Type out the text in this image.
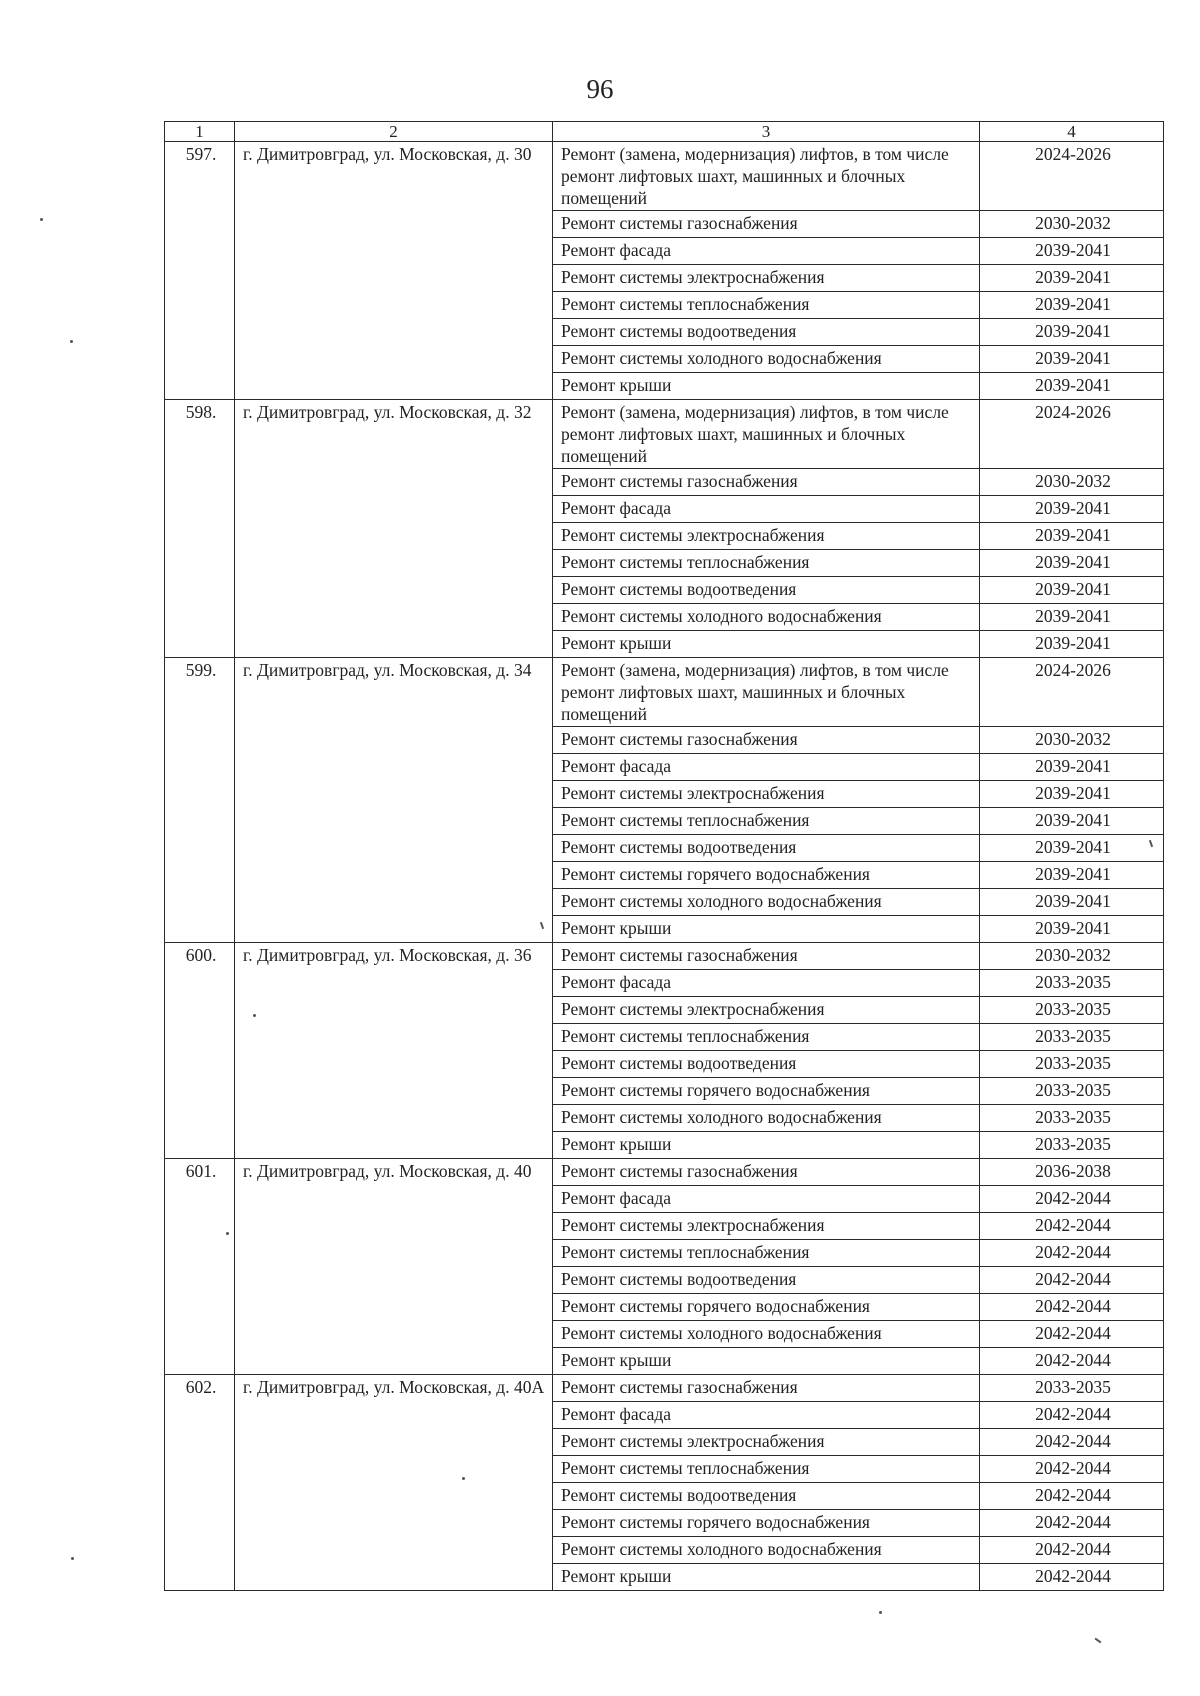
96
1	2	3	4
597.	г. Димитровград, ул. Московская, д. 30	Ремонт (замена, модернизация) лифтов, в том числе ремонт лифтовых шахт, машинных и блочных помещений	2024-2026
		Ремонт системы газоснабжения	2030-2032
		Ремонт фасада	2039-2041
		Ремонт системы электроснабжения	2039-2041
		Ремонт системы теплоснабжения	2039-2041
		Ремонт системы водоотведения	2039-2041
		Ремонт системы холодного водоснабжения	2039-2041
		Ремонт крыши	2039-2041
598.	г. Димитровград, ул. Московская, д. 32	Ремонт (замена, модернизация) лифтов, в том числе ремонт лифтовых шахт, машинных и блочных помещений	2024-2026
		Ремонт системы газоснабжения	2030-2032
		Ремонт фасада	2039-2041
		Ремонт системы электроснабжения	2039-2041
		Ремонт системы теплоснабжения	2039-2041
		Ремонт системы водоотведения	2039-2041
		Ремонт системы холодного водоснабжения	2039-2041
		Ремонт крыши	2039-2041
599.	г. Димитровград, ул. Московская, д. 34	Ремонт (замена, модернизация) лифтов, в том числе ремонт лифтовых шахт, машинных и блочных помещений	2024-2026
		Ремонт системы газоснабжения	2030-2032
		Ремонт фасада	2039-2041
		Ремонт системы электроснабжения	2039-2041
		Ремонт системы теплоснабжения	2039-2041
		Ремонт системы водоотведения	2039-2041
		Ремонт системы горячего водоснабжения	2039-2041
		Ремонт системы холодного водоснабжения	2039-2041
		Ремонт крыши	2039-2041
600.	г. Димитровград, ул. Московская, д. 36	Ремонт системы газоснабжения	2030-2032
		Ремонт фасада	2033-2035
		Ремонт системы электроснабжения	2033-2035
		Ремонт системы теплоснабжения	2033-2035
		Ремонт системы водоотведения	2033-2035
		Ремонт системы горячего водоснабжения	2033-2035
		Ремонт системы холодного водоснабжения	2033-2035
		Ремонт крыши	2033-2035
601.	г. Димитровград, ул. Московская, д. 40	Ремонт системы газоснабжения	2036-2038
		Ремонт фасада	2042-2044
		Ремонт системы электроснабжения	2042-2044
		Ремонт системы теплоснабжения	2042-2044
		Ремонт системы водоотведения	2042-2044
		Ремонт системы горячего водоснабжения	2042-2044
		Ремонт системы холодного водоснабжения	2042-2044
		Ремонт крыши	2042-2044
602.	г. Димитровград, ул. Московская, д. 40А	Ремонт системы газоснабжения	2033-2035
		Ремонт фасада	2042-2044
		Ремонт системы электроснабжения	2042-2044
		Ремонт системы теплоснабжения	2042-2044
		Ремонт системы водоотведения	2042-2044
		Ремонт системы горячего водоснабжения	2042-2044
		Ремонт системы холодного водоснабжения	2042-2044
		Ремонт крыши	2042-2044
